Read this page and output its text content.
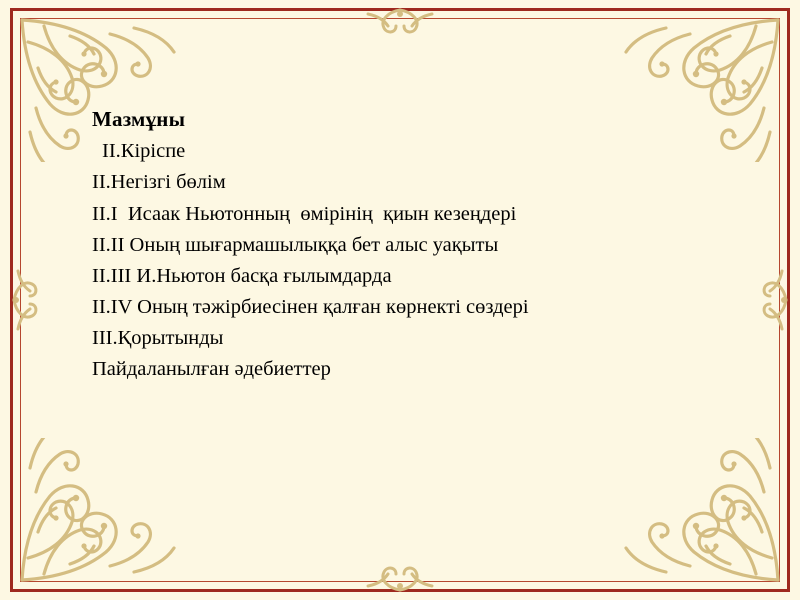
Мазмұны
II.Кіріспе
II.Негізгі бөлім
II.I  Исаак Ньютонның  өмірінің  қиын кезеңдері
II.II Оның шығармашылыққа бет алыс уақыты
II.III И.Ньютон басқа ғылымдарда
II.IV Оның тәжірбиесінен қалған көрнекті сөздері
III.Қорытынды
Пайдаланылған әдебиеттер
